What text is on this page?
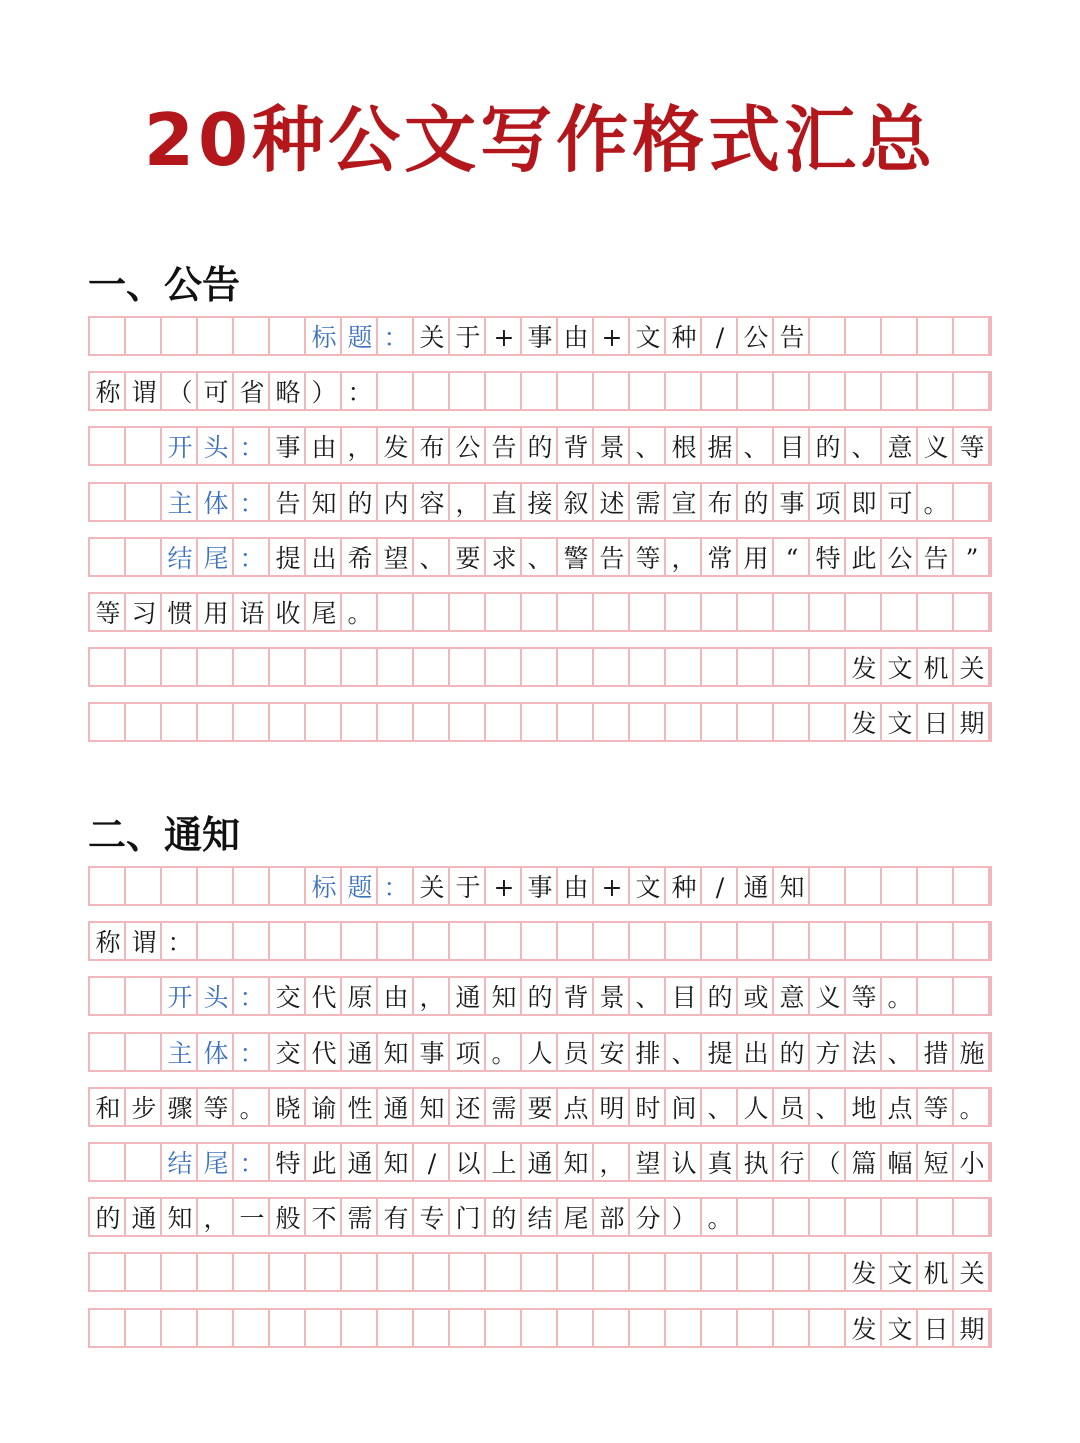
20种公文写作格式汇总
一、公告
标 题 ： 关 于 + 事 由 + 文 种 / 公 告
称 谓 （ 可 省 略 ） ：
开 头 ： 事 由 ， 发 布 公 告 的 背 景 、 根 据 、 目 的 、 意 义 等
主 体 ： 告 知 的 内 容 ， 直 接 叙 述 需 宣 布 的 事 项 即 可 。
结 尾 ： 提 出 希 望 、 要 求 、 警 告 等 ， 常 用 “ 特 此 公 告 ”
等 习 惯 用 语 收 尾 。
发 文 机 关
发 文 日 期
二、通知
标 题 ： 关 于 + 事 由 + 文 种 / 通 知
称 谓 ：
开 头 ： 交 代 原 由 ， 通 知 的 背 景 、 目 的 或 意 义 等 。
主 体 ： 交 代 通 知 事 项 。 人 员 安 排 、 提 出 的 方 法 、 措 施
和 步 骤 等 。 晓 谕 性 通 知 还 需 要 点 明 时 间 、 人 员 、 地 点 等 。
结 尾 ： 特 此 通 知 / 以 上 通 知 ， 望 认 真 执 行 （ 篇 幅 短 小
的 通 知 ， 一 般 不 需 有 专 门 的 结 尾 部 分 ） 。
发 文 机 关
发 文 日 期
